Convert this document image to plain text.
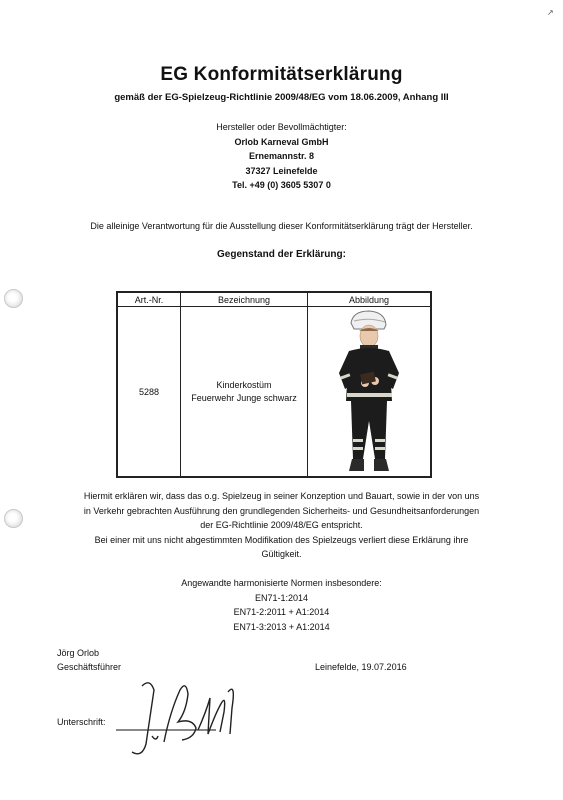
↗
EG Konformitätserklärung
gemäß der EG-Spielzeug-Richtlinie 2009/48/EG vom 18.06.2009, Anhang III
Hersteller oder Bevollmächtigter:
Orlob Karneval GmbH
Ernemannstr. 8
37327 Leinefelde
Tel. +49 (0) 3605 5307 0
Die alleinige Verantwortung für die Ausstellung dieser Konformitätserklärung trägt der Hersteller.
Gegenstand der Erklärung:
Art.-Nr.	Bezeichnung	Abbildung
5288	Kinderkostüm
Feuerwehr Junge schwarz

Hiermit erklären wir, dass das o.g. Spielzeug in seiner Konzeption und Bauart, sowie in der von uns
in Verkehr gebrachten Ausführung den grundlegenden Sicherheits- und Gesundheitsanforderungen
der EG-Richtlinie 2009/48/EG entspricht.
Bei einer mit uns nicht abgestimmten Modifikation des Spielzeugs verliert diese Erklärung ihre
Gültigkeit.
Angewandte harmonisierte Normen insbesondere:
EN71-1:2014
EN71-2:2011 + A1:2014
EN71-3:2013 + A1:2014
Jörg Orlob
Geschäftsführer	Leinefelde, 19.07.2016
Unterschrift:
